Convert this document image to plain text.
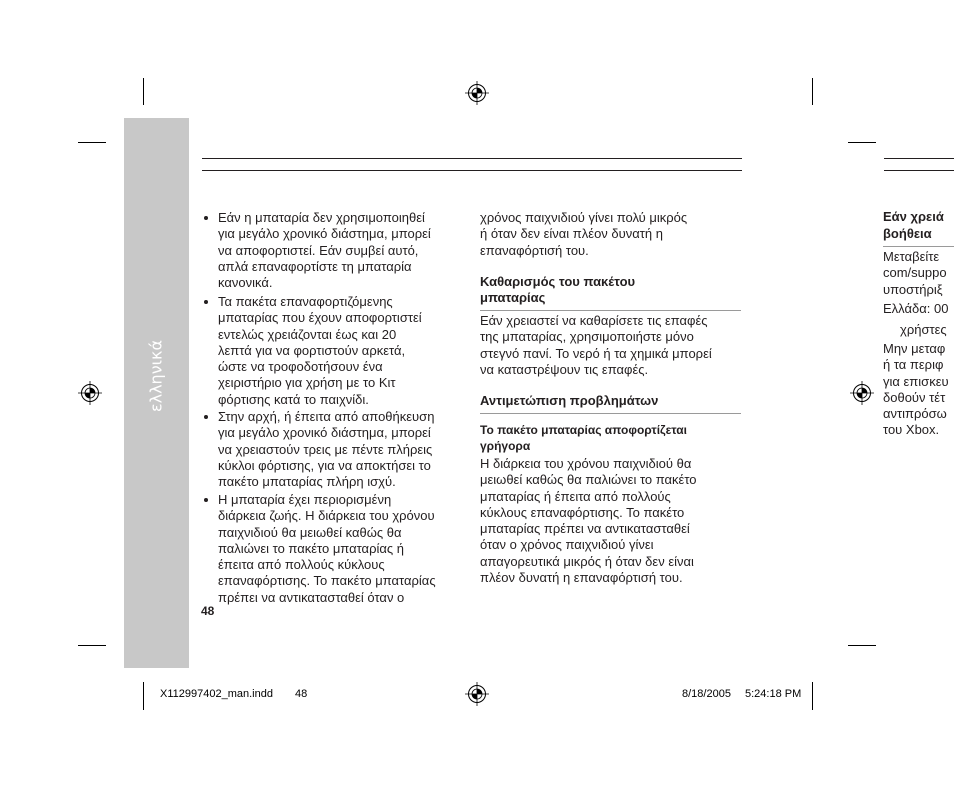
ελληνικά
Εάν η μπαταρία δεν χρησιμοποιηθεί
για μεγάλο χρονικό διάστημα, μπορεί
να αποφορτιστεί. Εάν συμβεί αυτό,
απλά επαναφορτίστε τη μπαταρία
κανονικά.
Τα πακέτα επαναφορτιζόμενης
μπαταρίας που έχουν αποφορτιστεί
εντελώς χρειάζονται έως και 20
λεπτά για να φορτιστούν αρκετά,
ώστε να τροφοδοτήσουν ένα
χειριστήριο για χρήση με το Κιτ
φόρτισης κατά το παιχνίδι.
Στην αρχή, ή έπειτα από αποθήκευση
για μεγάλο χρονικό διάστημα, μπορεί
να χρειαστούν τρεις με πέντε πλήρεις
κύκλοι φόρτισης, για να αποκτήσει το
πακέτο μπαταρίας πλήρη ισχύ.
Η μπαταρία έχει περιορισμένη
διάρκεια ζωής. Η διάρκεια του χρόνου
παιχνιδιού θα μειωθεί καθώς θα
παλιώνει το πακέτο μπαταρίας ή
έπειτα από πολλούς κύκλους
επαναφόρτισης. Το πακέτο μπαταρίας
πρέπει να αντικατασταθεί όταν ο
48
χρόνος παιχνιδιού γίνει πολύ μικρός
ή όταν δεν είναι πλέον δυνατή η
επαναφόρτισή του.
Καθαρισμός του πακέτου
μπαταρίας
Εάν χρειαστεί να καθαρίσετε τις επαφές
της μπαταρίας, χρησιμοποιήστε μόνο
στεγνό πανί. Το νερό ή τα χημικά μπορεί
να καταστρέψουν τις επαφές.
Αντιμετώπιση προβλημάτων
Το πακέτο μπαταρίας αποφορτίζεται
γρήγορα
Η διάρκεια του χρόνου παιχνιδιού θα
μειωθεί καθώς θα παλιώνει το πακέτο
μπαταρίας ή έπειτα από πολλούς
κύκλους επαναφόρτισης. Το πακέτο
μπαταρίας πρέπει να αντικατασταθεί
όταν ο χρόνος παιχνιδιού γίνει
απαγορευτικά μικρός ή όταν δεν είναι
πλέον δυνατή η επαναφόρτισή του.
Εάν χρειά
βοήθεια
Μεταβείτε
com/suppo
υποστήριξ
Ελλάδα: 00
χρήστες
Μην μεταφ
ή τα περιφ
για επισκευ
δοθούν τέτ
αντιπρόσω
του Xbox.
X112997402_man.indd 48	8/18/2005 5:24:18 PM
